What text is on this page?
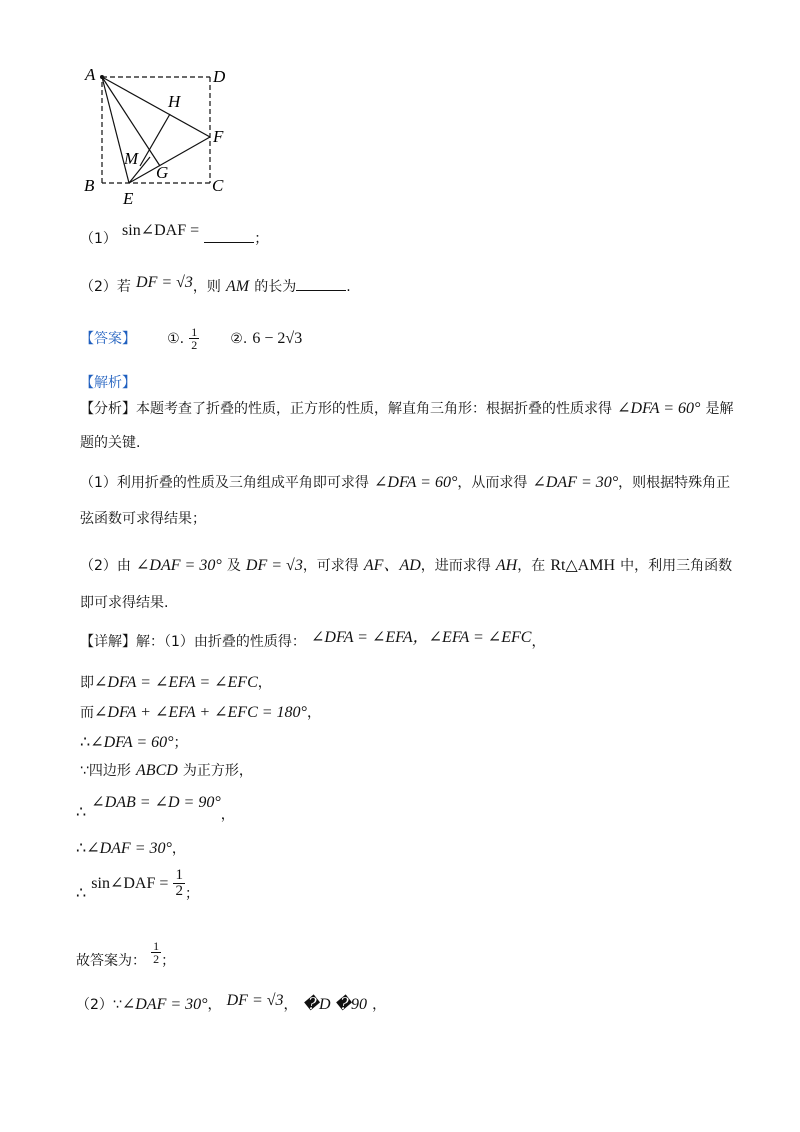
A	D
H
F
M
G
B
E
C
（1） sin∠DAF =	；
（2）若 DF = √3，则 AM 的长为	.
【答案】 ①. $\frac{1}{2}$ ②. 6 − 2√3
【解析】
【分析】本题考查了折叠的性质，正方形的性质，解直角三角形：根据折叠的性质求得 ∠DFA = 60° 是解
题的关键.
（1）利用折叠的性质及三角组成平角即可求得 ∠DFA = 60°，从而求得 ∠DAF = 30°，则根据特殊角正
弦函数可求得结果；
（2）由 ∠DAF = 30° 及 DF = √3，可求得 AF、AD，进而求得 AH，在 Rt△AMH 中，利用三角函数
即可求得结果.
【详解】解：（1）由折叠的性质得： ∠DFA = ∠EFA，∠EFA = ∠EFC，
即∠DFA = ∠EFA = ∠EFC，
而∠DFA + ∠EFA + ∠EFC = 180°，
∴∠DFA = 60°；
∵四边形 ABCD 为正方形，
∴ ∠DAB = ∠D = 90°，
∴∠DAF = 30°，
∴ sin∠DAF = $\frac{1}{2}$ ；
故答案为： $\frac{1}{2}$ ；
（2）∵∠DAF = 30°， DF = √3， �D �90 ，
